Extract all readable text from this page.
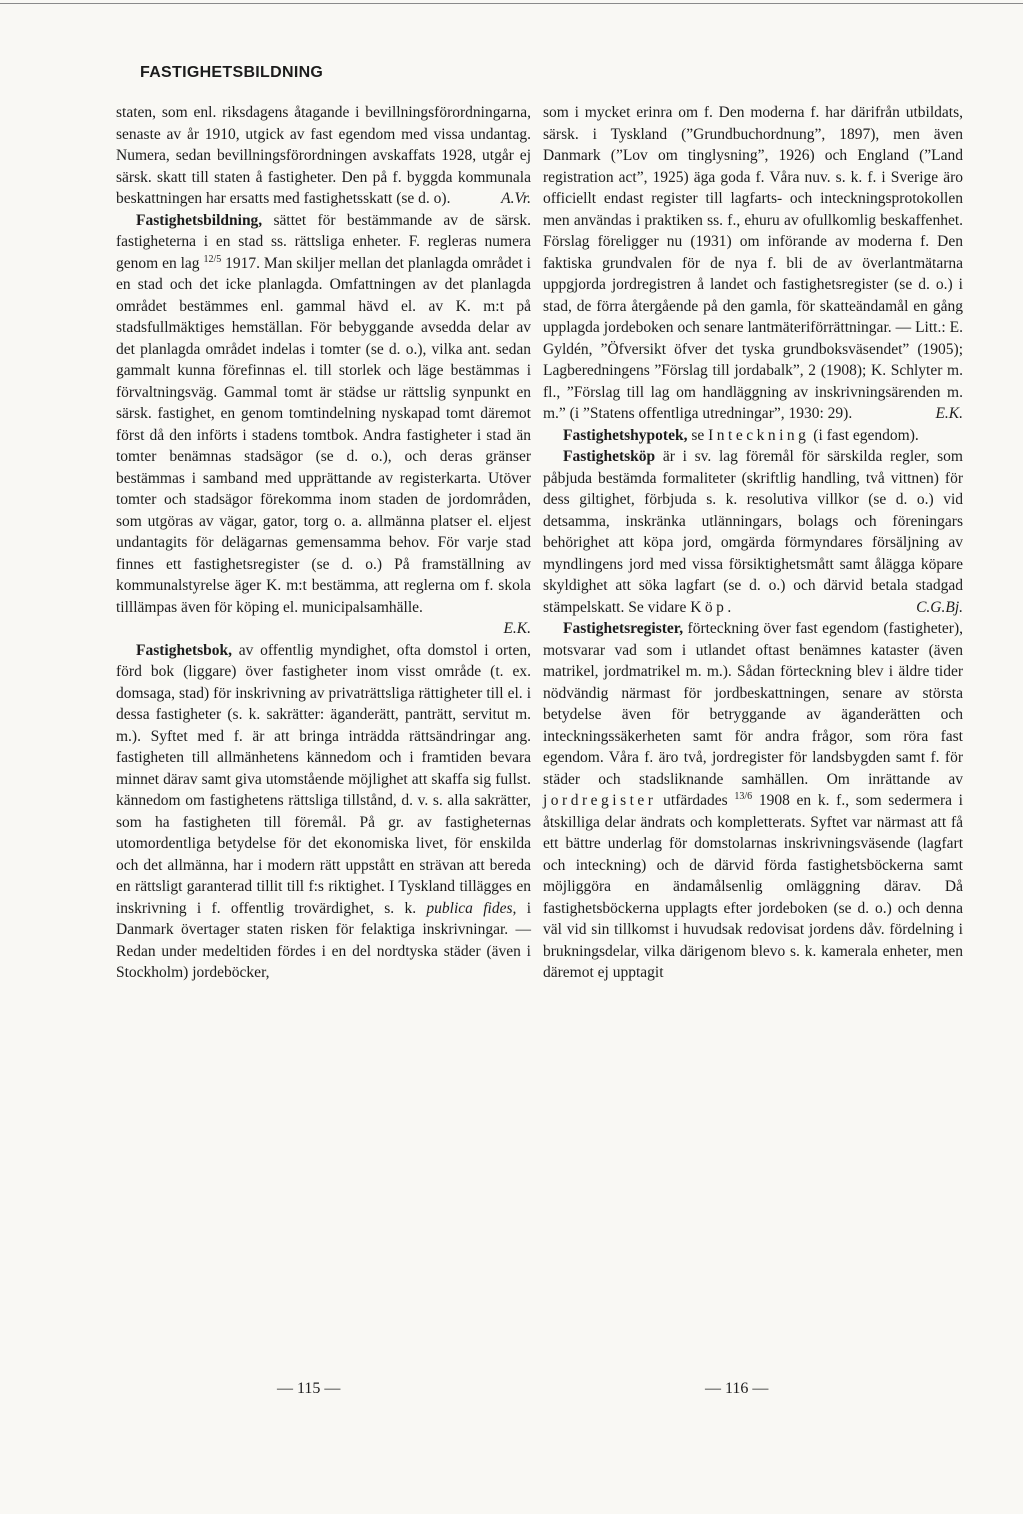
FASTIGHETSBILDNING

staten, som enl. riksdagens åtagande i bevillningsförordningarna, senaste av år 1910, utgick av fast egendom med vissa undantag. Numera, sedan bevillningsförordningen avskaffats 1928, utgår ej särsk. skatt till staten å fastigheter. Den på f. byggda kommunala beskattningen har ersatts med fastighetsskatt (se d. o).	A.Vr.

Fastighetsbildning, sättet för bestämmande av de särsk. fastigheterna i en stad ss. rättsliga enheter. F. regleras numera genom en lag $^{12/5}$ 1917. Man skiljer mellan det planlagda området i en stad och det icke planlagda. Omfattningen av det planlagda området bestämmes enl. gammal hävd el. av K. m:t på stadsfullmäktiges hemställan. För bebyggande avsedda delar av det planlagda området indelas i tomter (se d. o.), vilka ant. sedan gammalt kunna förefinnas el. till storlek och läge bestämmas i förvaltningsväg. Gammal tomt är städse ur rättslig synpunkt en särsk. fastighet, en genom tomtindelning nyskapad tomt däremot först då den införts i stadens tomtbok. Andra fastigheter i stad än tomter benämnas stadsägor (se d. o.), och deras gränser bestämmas i samband med upprättande av registerkarta. Utöver tomter och stadsägor förekomma inom staden de jordområden, som utgöras av vägar, gator, torg o. a. allmänna platser el. eljest undantagits för delägarnas gemensamma behov. För varje stad finnes ett fastighetsregister (se d. o.) På framställning av kommunalstyrelse äger K. m:t bestämma, att reglerna om f. skola tilllämpas även för köping el. municipalsamhälle.
E.K.

Fastighetsbok, av offentlig myndighet, ofta domstol i orten, förd bok (liggare) över fastigheter inom visst område (t. ex. domsaga, stad) för inskrivning av privaträttsliga rättigheter till el. i dessa fastigheter (s. k. sakrätter: äganderätt, panträtt, servitut m. m.). Syftet med f. är att bringa inträdda rättsändringar ang. fastigheten till allmänhetens kännedom och i framtiden bevara minnet därav samt giva utomstående möjlighet att skaffa sig fullst. kännedom om fastighetens rättsliga tillstånd, d. v. s. alla sakrätter, som ha fastigheten till föremål. På gr. av fastigheternas utomordentliga betydelse för det ekonomiska livet, för enskilda och det allmänna, har i modern rätt uppstått en strävan att bereda en rättsligt garanterad tillit till f:s riktighet. I Tyskland tillägges en inskrivning i f. offentlig trovärdighet, s. k. publica fides, i Danmark övertager staten risken för felaktiga inskrivningar. — Redan under medeltiden fördes i en del nordtyska städer (även i Stockholm) jordeböcker,

som i mycket erinra om f. Den moderna f. har därifrån utbildats, särsk. i Tyskland (”Grundbuchordnung”, 1897), men även Danmark (”Lov om tinglysning”, 1926) och England (”Land registration act”, 1925) äga goda f. Våra nuv. s. k. f. i Sverige äro officiellt endast register till lagfarts- och inteckningsprotokollen men användas i praktiken ss. f., ehuru av ofullkomlig beskaffenhet. Förslag föreligger nu (1931) om införande av moderna f. Den faktiska grundvalen för de nya f. bli de av överlantmätarna uppgjorda jordregistren å landet och fastighetsregister (se d. o.) i stad, de förra återgående på den gamla, för skatteändamål en gång upplagda jordeboken och senare lantmäteriförrättningar. — Litt.: E. Gyldén, ”Öfversikt öfver det tyska grundboksväsendet” (1905); Lagberedningens ”Förslag till jordabalk”, 2 (1908); K. Schlyter m. fl., ”Förslag till lag om handläggning av inskrivningsärenden m. m.” (i ”Statens offentliga utredningar”, 1930: 29).	E.K.

Fastighetshypotek, se Inteckning (i fast egendom).

Fastighetsköp är i sv. lag föremål för särskilda regler, som påbjuda bestämda formaliteter (skriftlig handling, två vittnen) för dess giltighet, förbjuda s. k. resolutiva villkor (se d. o.) vid detsamma, inskränka utlänningars, bolags och föreningars behörighet att köpa jord, omgärda förmyndares försäljning av myndlingens jord med vissa försiktighetsmått samt ålägga köpare skyldighet att söka lagfart (se d. o.) och därvid betala stadgad stämpelskatt. Se vidare Köp.	C.G.Bj.

Fastighetsregister, förteckning över fast egendom (fastigheter), motsvarar vad som i utlandet oftast benämnes kataster (även matrikel, jordmatrikel m. m.). Sådan förteckning blev i äldre tider nödvändig närmast för jordbeskattningen, senare av största betydelse även för betryggande av äganderätten och inteckningssäkerheten samt för andra frågor, som röra fast egendom. Våra f. äro två, jordregister för landsbygden samt f. för städer och stadsliknande samhällen. Om inrättande av jordregister utfärdades $^{13/6}$ 1908 en k. f., som sedermera i åtskilliga delar ändrats och kompletterats. Syftet var närmast att få ett bättre underlag för domstolarnas inskrivningsväsende (lagfart och inteckning) och de därvid förda fastighetsböckerna samt möjliggöra en ändamålsenlig omläggning därav. Då fastighetsböckerna upplagts efter jordeboken (se d. o.) och denna väl vid sin tillkomst i huvudsak redovisat jordens dåv. fördelning i brukningsdelar, vilka därigenom blevo s. k. kamerala enheter, men däremot ej upptagit

— 115 —	— 116 —
